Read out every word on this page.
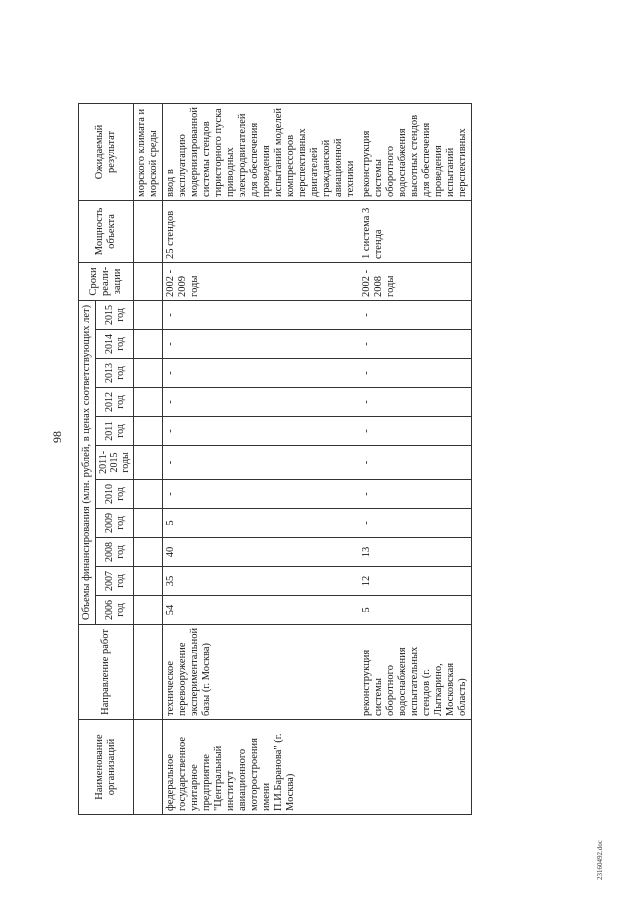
98
23160492.doc
Наименование организаций	Направление работ	Объемы финансирования (млн. рублей, в ценах соответствующих лет)											Сроки реали-зации	Мощность объекта	Ожидаемый результат
		2006 год	2007 год	2008 год	2009 год	2010 год	2011-2015 годы	2011 год	2012 год	2013 год	2014 год	2015 год			
															морского климата и морской среды
федеральное государственное унитарное предприятие "Центральный институт авиационного моторостроения имени П.И.Баранова" (г. Москва)	техническое перевооружение экспериментальной базы (г. Москва)	54	35	40	5	-	-	-	-	-	-	-	2002 - 2009 годы	25 стендов	ввод в эксплуатацию модернизированной системы стендов тиристорного пуска приводных электродвигателей для обеспечения проведения испытаний моделей компрессоров перспективных двигателей гражданской авиационной техники
	реконструкция системы оборотного водоснабжения испытательных стендов (г. Лыткарино, Московская область)	5	12	13	-	-	-	-	-	-	-	-	2002 - 2008 годы	1 система 3 стенда	реконструкция системы оборотного водоснабжения высотных стендов для обеспечения проведения испытаний перспективных
